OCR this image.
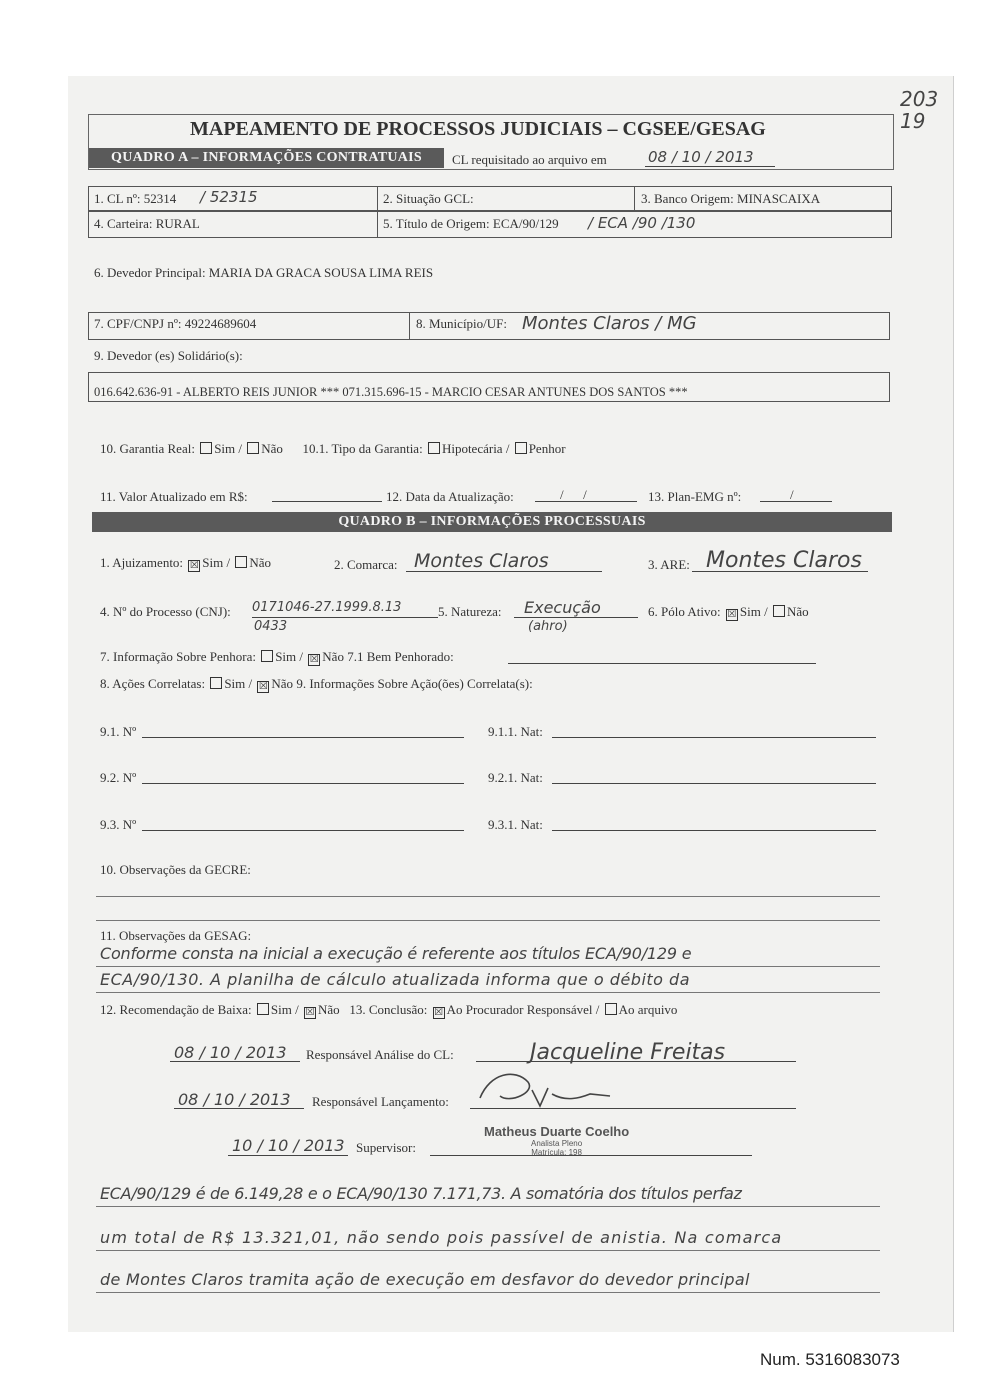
203
19
MAPEAMENTO DE PROCESSOS JUDICIAIS – CGSEE/GESAG
QUADRO A – INFORMAÇÕES CONTRATUAIS	CL requisitado ao arquivo em	08 / 10 / 2013
1. CL nº: 52314 / 52315	2. Situação GCL:	3. Banco Origem: MINASCAIXA
4. Carteira: RURAL	5. Título de Origem: ECA/90/129 / ECA /90 /130
6. Devedor Principal: MARIA DA GRACA SOUSA LIMA REIS
7. CPF/CNPJ nº: 49224689604	8. Município/UF: Montes Claros / MG
9. Devedor (es) Solidário(s):
016.642.636-91 - ALBERTO REIS JUNIOR *** 071.315.696-15 - MARCIO CESAR ANTUNES DOS SANTOS ***
10. Garantia Real: Sim / Não 10.1. Tipo da Garantia: Hipotecária / Penhor
11. Valor Atualizado em R$:	12. Data da Atualização:	/      /	13. Plan-EMG nº:	/
QUADRO B – INFORMAÇÕES PROCESSUAIS
1. Ajuizamento: ☒ Sim / Não	2. Comarca: Montes Claros	3. ARE: Montes Claros
4. Nº do Processo (CNJ): 0171046-27.1999.8.13
0433
5. Natureza: Execução
(ahro)
6. Pólo Ativo: ☒ Sim / Não
7. Informação Sobre Penhora: Sim / ☒ Não 7.1 Bem Penhorado:
8. Ações Correlatas: Sim / ☒ Não 9. Informações Sobre Ação(ões) Correlata(s):
9.1. Nº	9.1.1. Nat:
9.2. Nº	9.2.1. Nat:
9.3. Nº	9.3.1. Nat:
10. Observações da GECRE:
11. Observações da GESAG:
Conforme consta na inicial a execução é referente aos títulos ECA/90/129 e
ECA/90/130. A planilha de cálculo atualizada informa que o débito da
12. Recomendação de Baixa: Sim / ☒ Não 13. Conclusão: ☒ Ao Procurador Responsável / Ao arquivo
08 / 10 / 2013 Responsável Análise do CL:	Jacqueline Freitas
08 / 10 / 2013 Responsável Lançamento:
10 / 10 / 2013 Supervisor:
Matheus Duarte Coelho
Analista Pleno
Matrícula: 198
ECA/90/129 é de 6.149,28 e o ECA/90/130 7.171,73. A somatória dos títulos perfaz
um total de R$ 13.321,01, não sendo pois passível de anistia. Na comarca
de Montes Claros tramita ação de execução em desfavor do devedor principal
Num. 5316083073
